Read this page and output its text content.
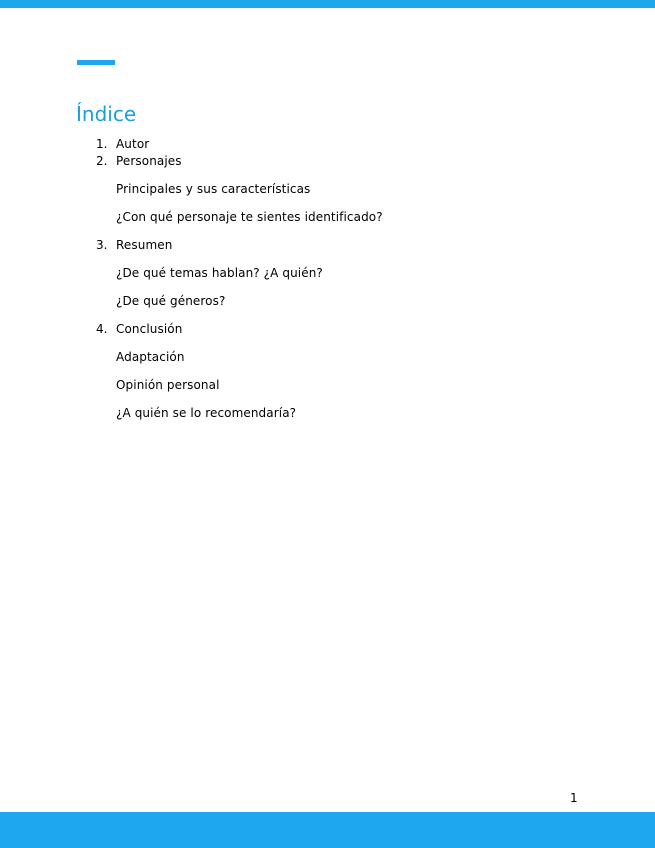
Índice
1. Autor
2. Personajes
Principales y sus características
¿Con qué personaje te sientes identificado?
3. Resumen
¿De qué temas hablan? ¿A quién?
¿De qué géneros?
4. Conclusión
Adaptación
Opinión personal
¿A quién se lo recomendaría?
1
